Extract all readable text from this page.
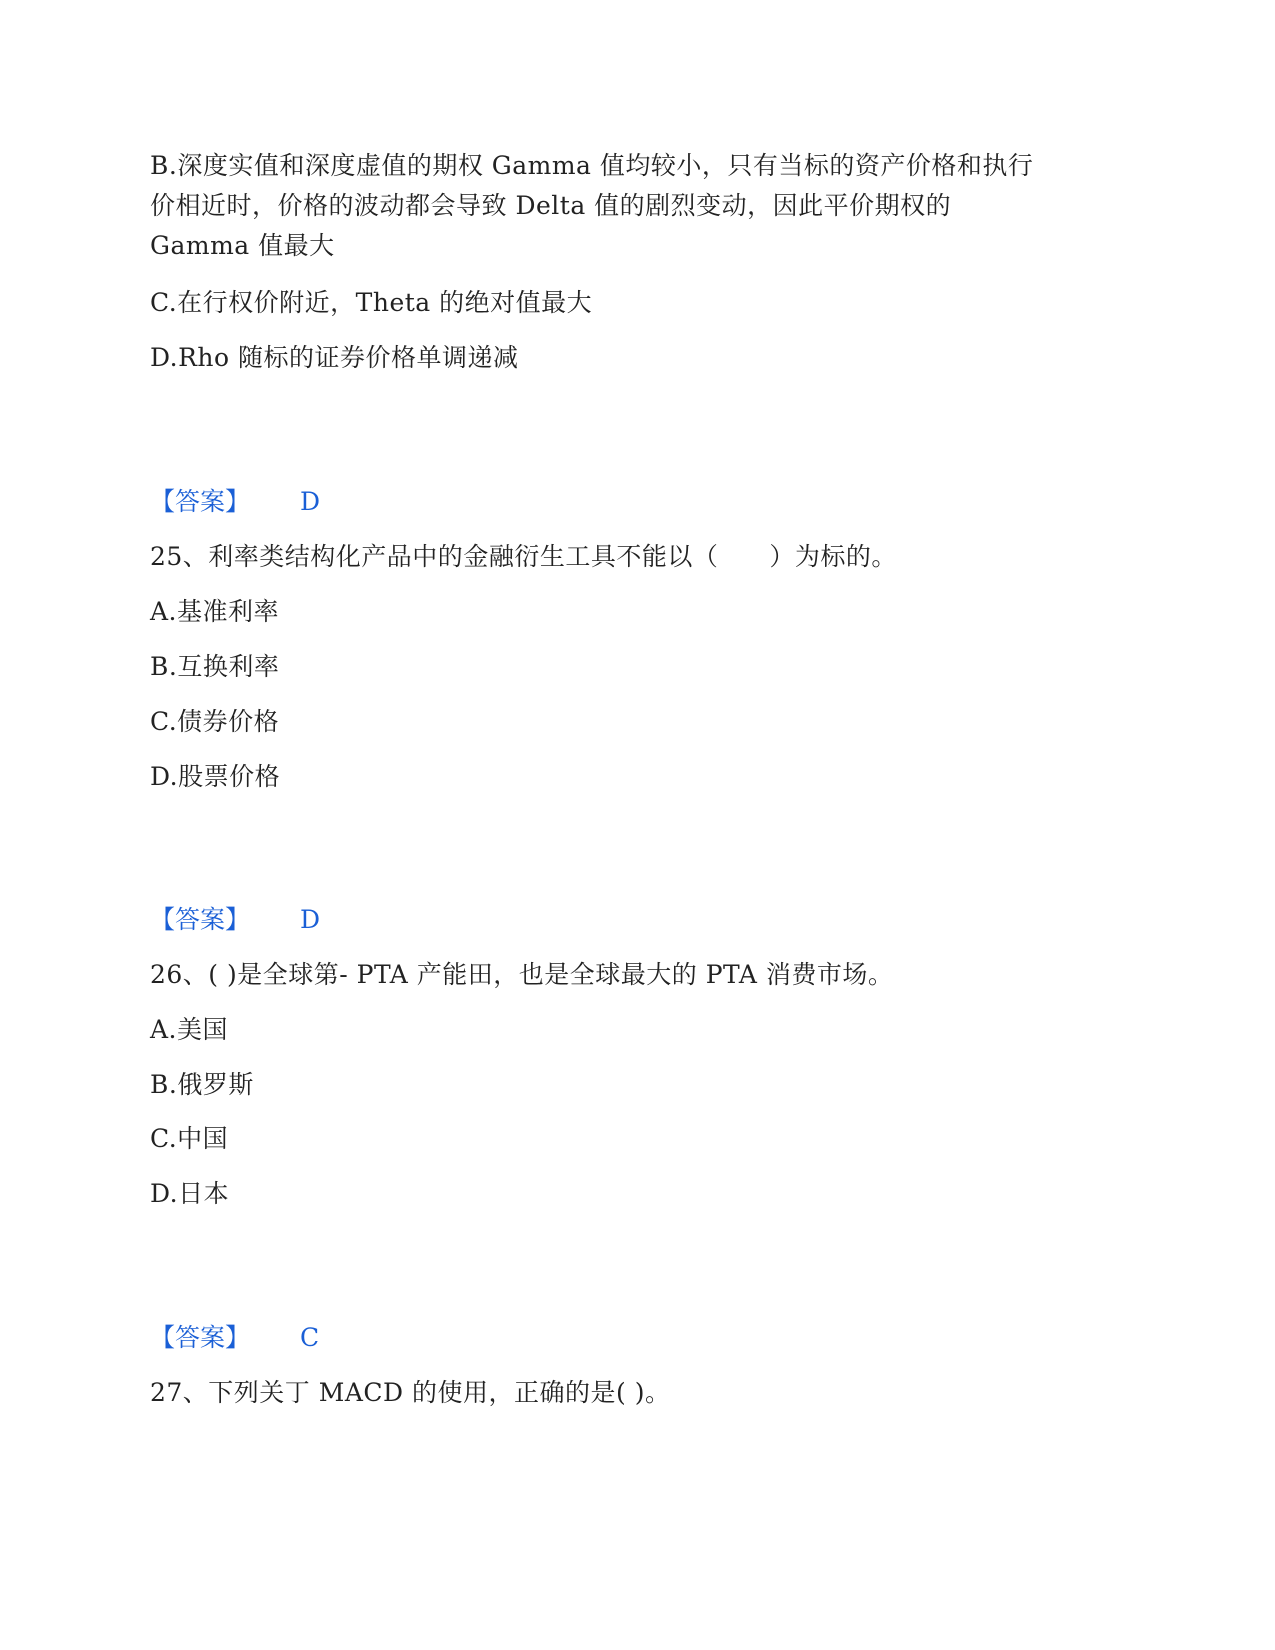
B.深度实值和深度虚值的期权 Gamma 值均较小，只有当标的资产价格和执行
价相近时，价格的波动都会导致 Delta 值的剧烈变动，因此平价期权的
Gamma 值最大
C.在行权价附近，Theta 的绝对值最大
D.Rho 随标的证券价格单调递减
【答案】 D
25、利率类结构化产品中的金融衍生工具不能以（　　）为标的。
A.基准利率
B.互换利率
C.债券价格
D.股票价格
【答案】 D
26、( )是全球第- PTA 产能田，也是全球最大的 PTA 消费市场。
A.美国
B.俄罗斯
C.中国
D.日本
【答案】 C
27、下列关丁 MACD 的使用，正确的是( )。
